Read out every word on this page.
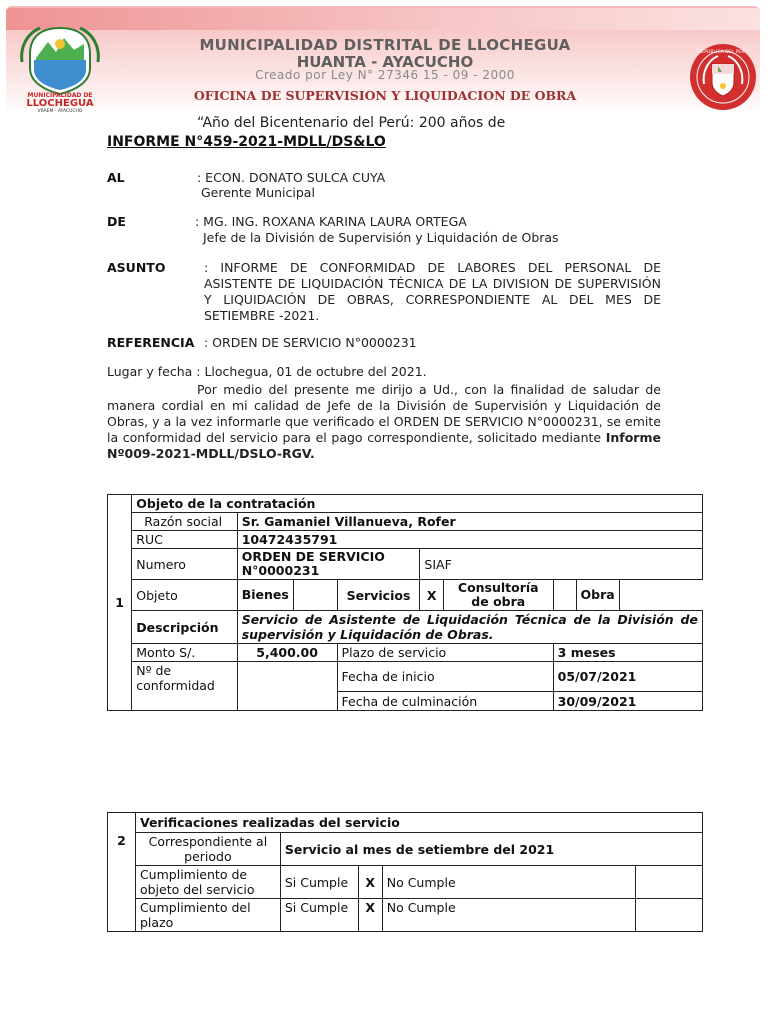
MUNICIPALIDAD DE
LLOCHEGUA
VRAEM - AYACUCHO
MUNICIPALIDAD DISTRITAL DE LLOCHEGUA
HUANTA - AYACUCHO
Creado por Ley N° 27346 15 - 09 - 2000
OFICINA DE SUPERVISION Y LIQUIDACION DE OBRA
REPUBLICA DEL PERU
“Año del Bicentenario del Perú: 200 años de
INFORME N°459-2021-MDLL/DS&LO
AL	: ECON. DONATO SULCA CUYA
Gerente Municipal
DE	: MG. ING. ROXANA KARINA LAURA ORTEGA
Jefe de la División de Supervisión y Liquidación de Obras
ASUNTO	: INFORME DE CONFORMIDAD DE LABORES DEL PERSONAL DE ASISTENTE DE LIQUIDACIÓN TÉCNICA DE LA DIVISION DE SUPERVISIÓN Y LIQUIDACIÓN DE OBRAS, CORRESPONDIENTE AL DEL MES DE SETIEMBRE -2021.
REFERENCIA : ORDEN DE SERVICIO N°0000231
Lugar y fecha : Llochegua, 01 de octubre del 2021.
Por medio del presente me dirijo a Ud., con la finalidad de saludar de manera cordial en mi calidad de Jefe de la División de Supervisión y Liquidación de Obras, y a la vez informarle que verificado el ORDEN DE SERVICIO N°0000231, se emite la conformidad del servicio para el pago correspondiente, solicitado mediante Informe Nº009-2021-MDLL/DSLO-RGV.
1	Objeto de la contratación								
	Razón social	Sr. Gamaniel Villanueva, Rofer							
	RUC	10472435791							
	Numero	ORDEN DE SERVICIO N°0000231			SIAF				
	Objeto	Bienes		Servicios	X	Consultoría de obra		Obra	
	Descripción	Servicio de Asistente de Liquidación Técnica de la División de supervisión y Liquidación de Obras.							
	Monto S/.	5,400.00		Plazo de servicio			3 meses		
	Nº de conformidad			Fecha de inicio			05/07/2021		
				Fecha de culminación			30/09/2021		
2	Verificaciones realizadas del servicio				
	Correspondiente al periodo	Servicio al mes de setiembre del 2021			
	Cumplimiento de objeto del servicio	Si Cumple	X	No Cumple	
	Cumplimiento del plazo	Si Cumple	X	No Cumple	
